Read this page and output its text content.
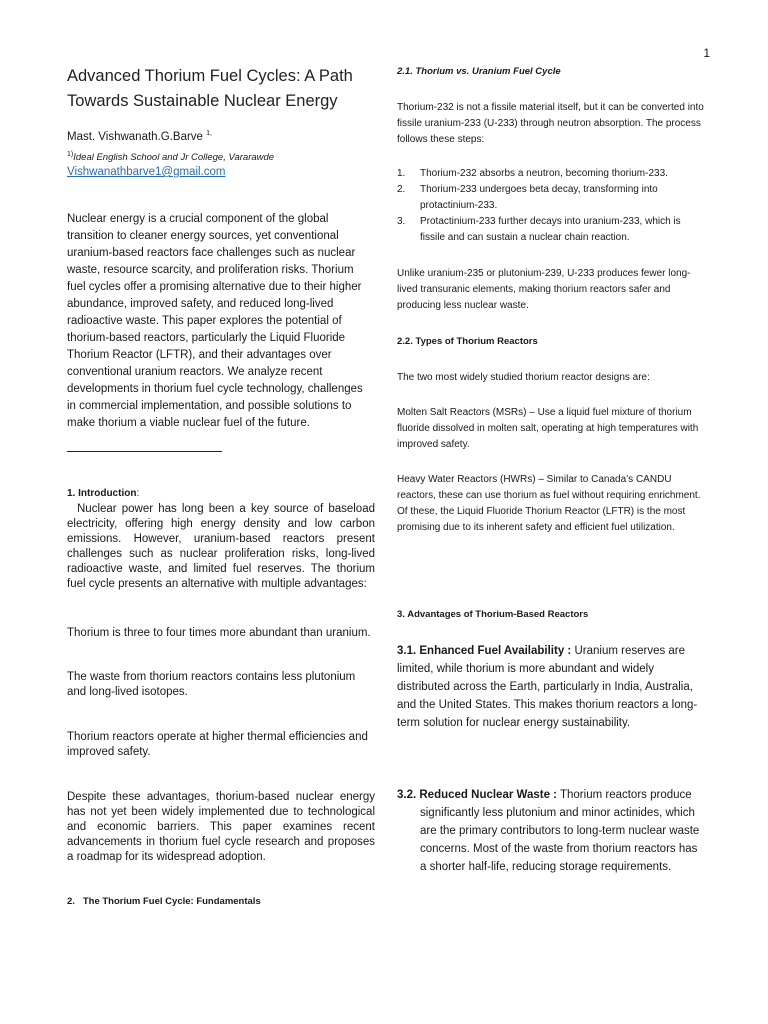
1
Advanced Thorium Fuel Cycles: A Path Towards Sustainable Nuclear Energy
Mast. Vishwanath.G.Barve $^{1,}$
$^{1)}$Ideal English School and Jr College, Vararawde
Vishwanathbarve1@gmail.com
Nuclear energy is a crucial component of the global transition to cleaner energy sources, yet conventional uranium-based reactors face challenges such as nuclear waste, resource scarcity, and proliferation risks. Thorium fuel cycles offer a promising alternative due to their higher abundance, improved safety, and reduced long-lived radioactive waste. This paper explores the potential of thorium-based reactors, particularly the Liquid Fluoride Thorium Reactor (LFTR), and their advantages over conventional uranium reactors. We analyze recent developments in thorium fuel cycle technology, challenges in commercial implementation, and possible solutions to make thorium a viable nuclear fuel of the future.
1. Introduction:
Nuclear power has long been a key source of baseload electricity, offering high energy density and low carbon emissions. However, uranium-based reactors present challenges such as nuclear proliferation risks, long-lived radioactive waste, and limited fuel reserves. The thorium fuel cycle presents an alternative with multiple advantages:
Thorium is three to four times more abundant than uranium.
The waste from thorium reactors contains less plutonium and long-lived isotopes.
Thorium reactors operate at higher thermal efficiencies and improved safety.
Despite these advantages, thorium-based nuclear energy has not yet been widely implemented due to technological and economic barriers. This paper examines recent advancements in thorium fuel cycle research and proposes a roadmap for its widespread adoption.
2.   The Thorium Fuel Cycle: Fundamentals
2.1. Thorium vs. Uranium Fuel Cycle
Thorium-232 is not a fissile material itself, but it can be converted into fissile uranium-233 (U-233) through neutron absorption. The process follows these steps:
1. Thorium-232 absorbs a neutron, becoming thorium-233.
2. Thorium-233 undergoes beta decay, transforming into protactinium-233.
3. Protactinium-233 further decays into uranium-233, which is fissile and can sustain a nuclear chain reaction.
Unlike uranium-235 or plutonium-239, U-233 produces fewer long-lived transuranic elements, making thorium reactors safer and producing less nuclear waste.
2.2. Types of Thorium Reactors
The two most widely studied thorium reactor designs are:
Molten Salt Reactors (MSRs) – Use a liquid fuel mixture of thorium fluoride dissolved in molten salt, operating at high temperatures with improved safety.
Heavy Water Reactors (HWRs) – Similar to Canada’s CANDU reactors, these can use thorium as fuel without requiring enrichment. Of these, the Liquid Fluoride Thorium Reactor (LFTR) is the most promising due to its inherent safety and efficient fuel utilization.
3. Advantages of Thorium-Based Reactors
3.1. Enhanced Fuel Availability : Uranium reserves are limited, while thorium is more abundant and widely distributed across the Earth, particularly in India, Australia, and the United States. This makes thorium reactors a long-term solution for nuclear energy sustainability.
3.2. Reduced Nuclear Waste : Thorium reactors produce
significantly less plutonium and minor actinides, which are the primary contributors to long-term nuclear waste concerns. Most of the waste from thorium reactors has a shorter half-life, reducing storage requirements.
